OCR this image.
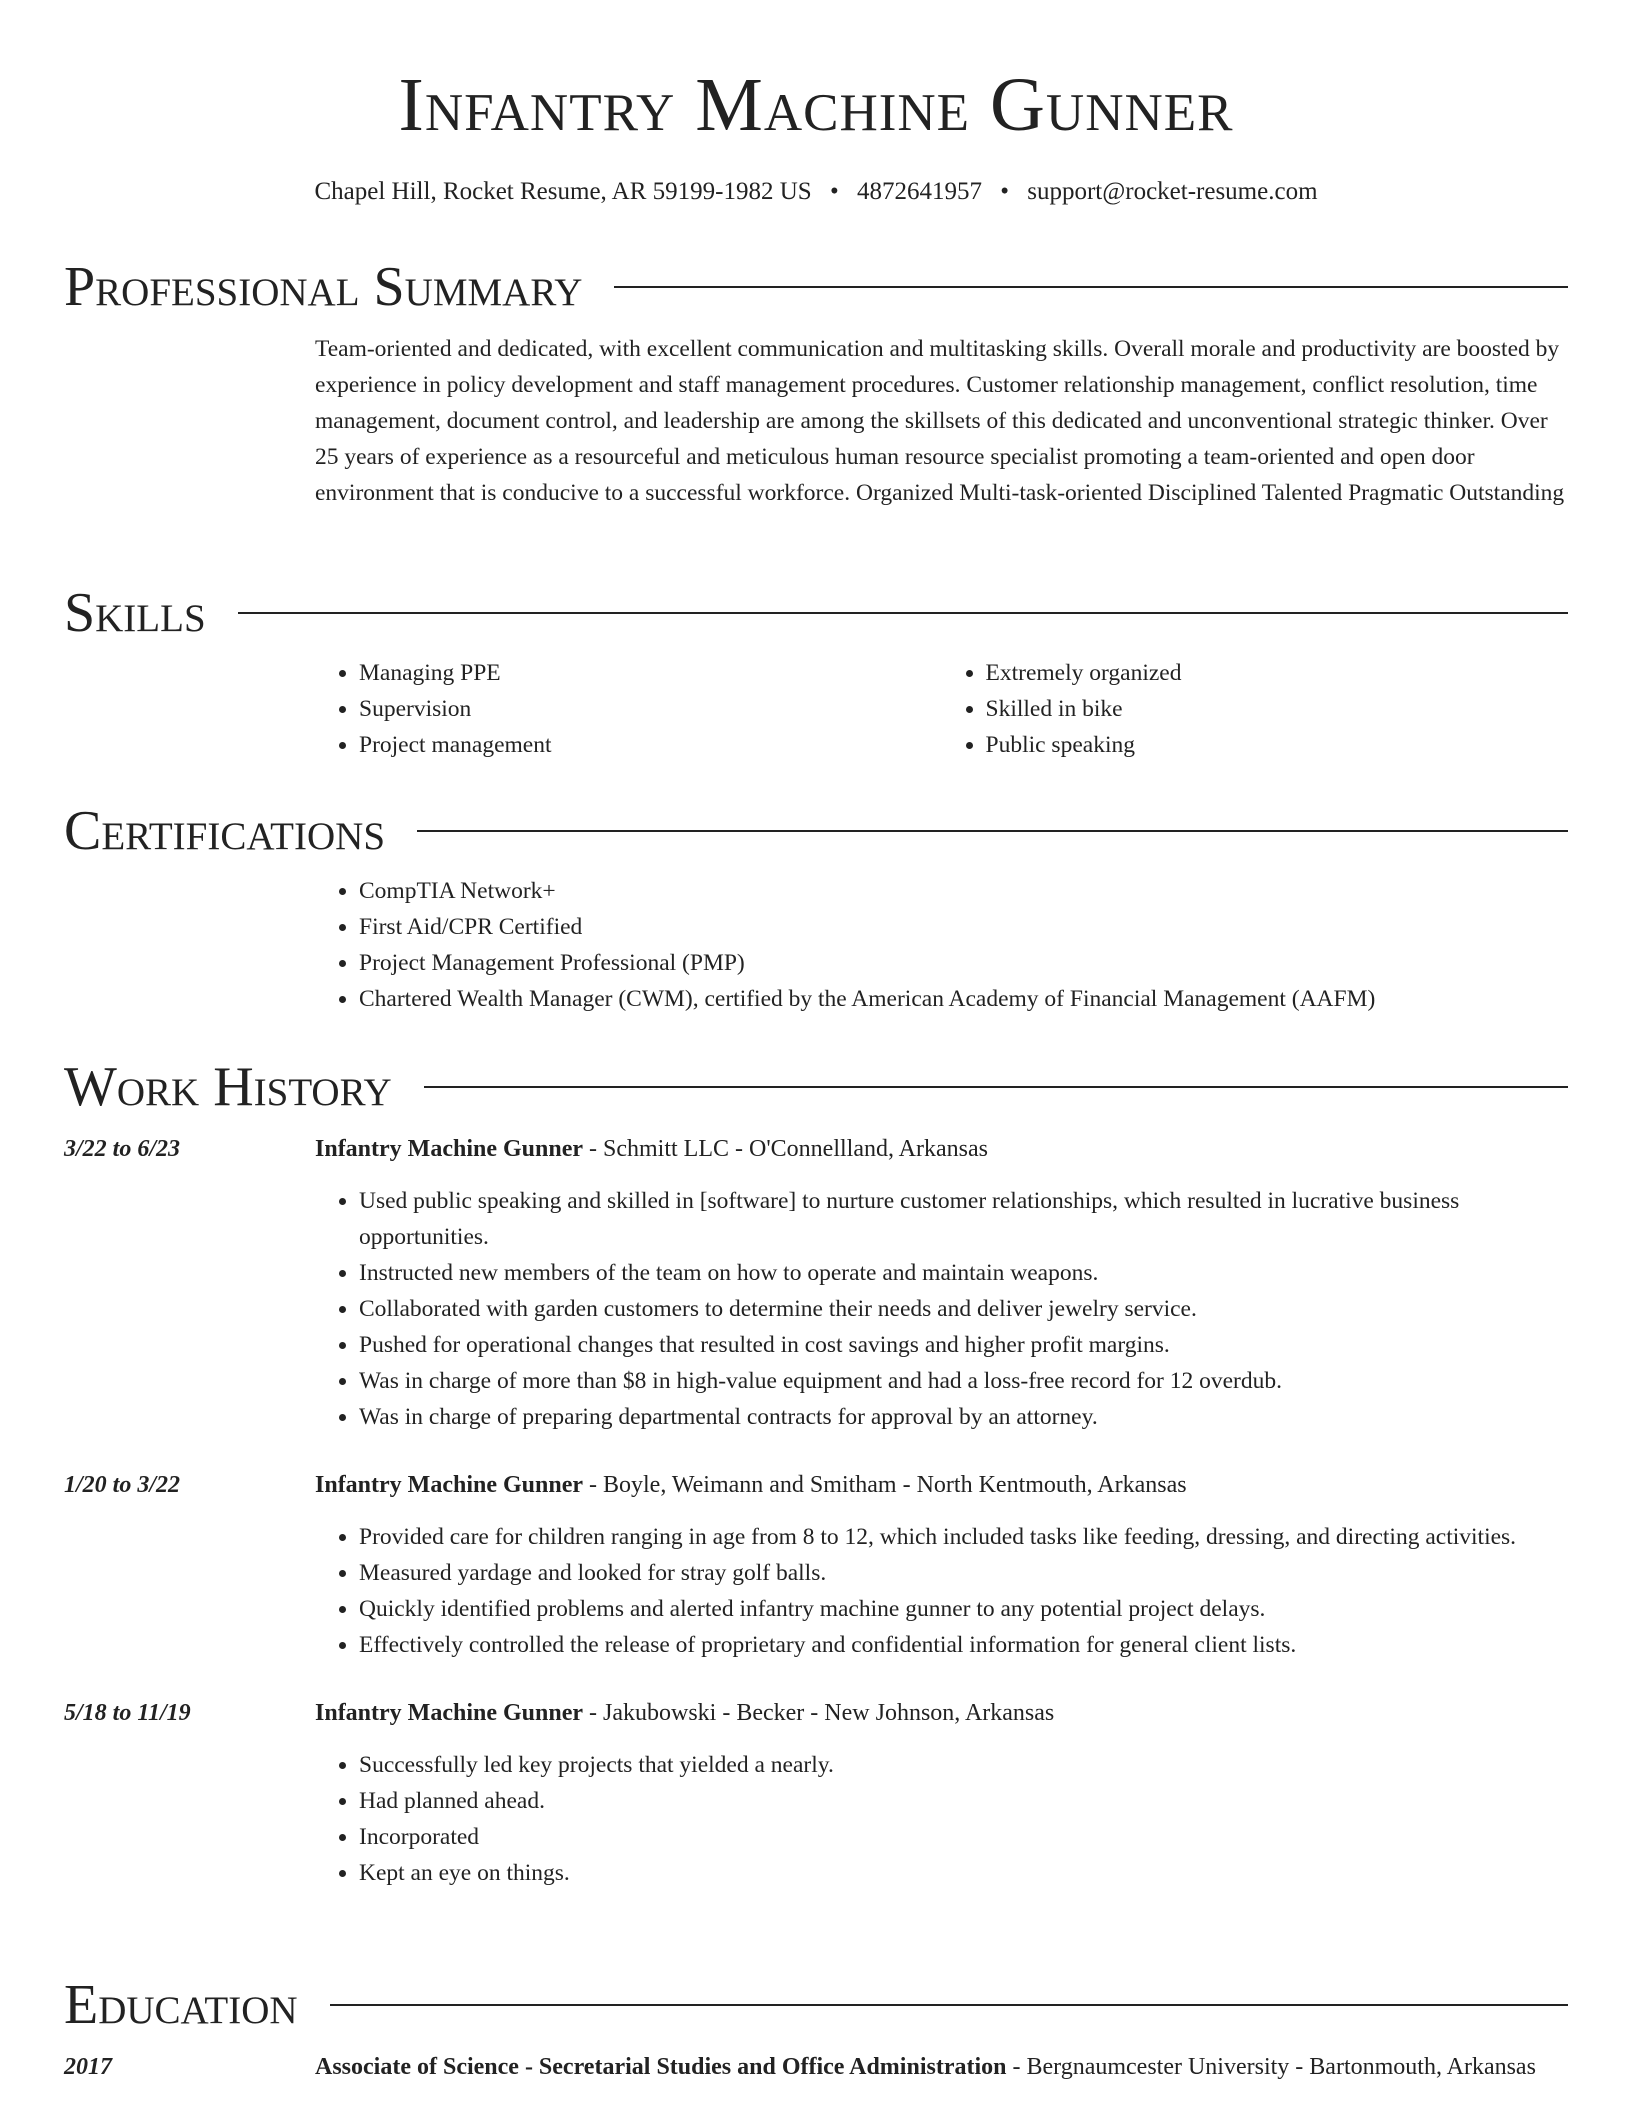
Infantry Machine Gunner
Chapel Hill, Rocket Resume, AR 59199-1982 US • 4872641957 • support@rocket-resume.com
Professional Summary
Team-oriented and dedicated, with excellent communication and multitasking skills. Overall morale and productivity are boosted by experience in policy development and staff management procedures. Customer relationship management, conflict resolution, time management, document control, and leadership are among the skillsets of this dedicated and unconventional strategic thinker. Over 25 years of experience as a resourceful and meticulous human resource specialist promoting a team-oriented and open door environment that is conducive to a successful workforce. Organized Multi-task-oriented Disciplined Talented Pragmatic Outstanding
Skills
• Managing PPE
• Supervision
• Project management
• Extremely organized
• Skilled in bike
• Public speaking
Certifications
• CompTIA Network+
• First Aid/CPR Certified
• Project Management Professional (PMP)
• Chartered Wealth Manager (CWM), certified by the American Academy of Financial Management (AAFM)
Work History
3/22 to 6/23	Infantry Machine Gunner - Schmitt LLC - O'Connellland, Arkansas
• Used public speaking and skilled in [software] to nurture customer relationships, which resulted in lucrative business opportunities.
• Instructed new members of the team on how to operate and maintain weapons.
• Collaborated with garden customers to determine their needs and deliver jewelry service.
• Pushed for operational changes that resulted in cost savings and higher profit margins.
• Was in charge of more than $8 in high-value equipment and had a loss-free record for 12 overdub.
• Was in charge of preparing departmental contracts for approval by an attorney.
1/20 to 3/22	Infantry Machine Gunner - Boyle, Weimann and Smitham - North Kentmouth, Arkansas
• Provided care for children ranging in age from 8 to 12, which included tasks like feeding, dressing, and directing activities.
• Measured yardage and looked for stray golf balls.
• Quickly identified problems and alerted infantry machine gunner to any potential project delays.
• Effectively controlled the release of proprietary and confidential information for general client lists.
5/18 to 11/19	Infantry Machine Gunner - Jakubowski - Becker - New Johnson, Arkansas
• Successfully led key projects that yielded a nearly.
• Had planned ahead.
• Incorporated
• Kept an eye on things.
Education
2017	Associate of Science - Secretarial Studies and Office Administration - Bergnaumcester University - Bartonmouth, Arkansas
